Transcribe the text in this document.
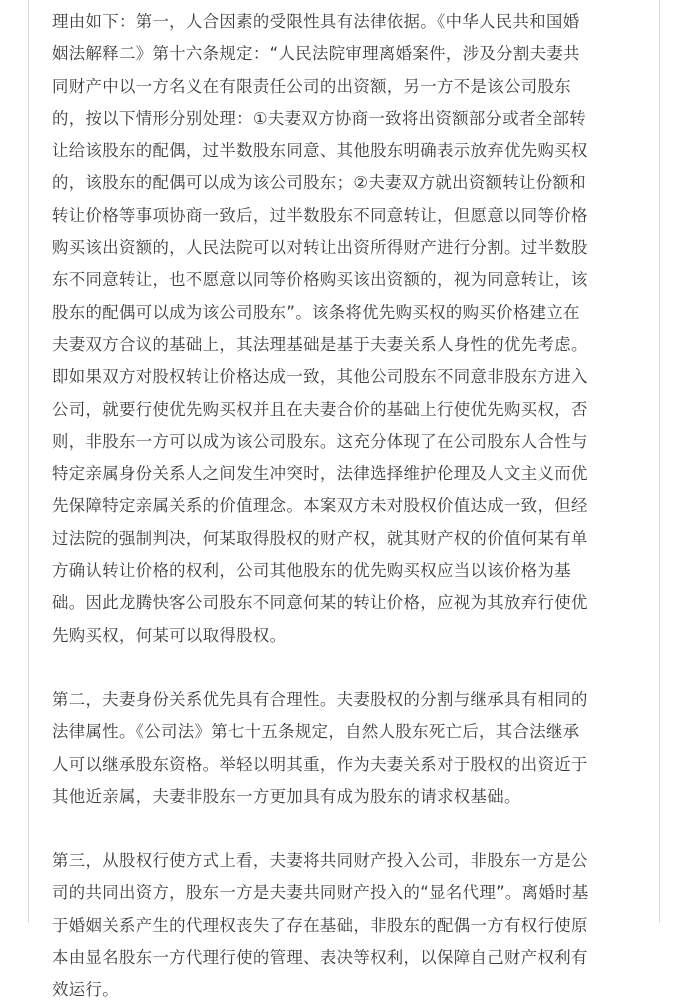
理由如下：第一，人合因素的受限性具有法律依据。《中华人民共和国婚
姻法解释二》第十六条规定：“人民法院审理离婚案件，涉及分割夫妻共
同财产中以一方名义在有限责任公司的出资额，另一方不是该公司股东
的，按以下情形分别处理：①夫妻双方协商一致将出资额部分或者全部转
让给该股东的配偶，过半数股东同意、其他股东明确表示放弃优先购买权
的，该股东的配偶可以成为该公司股东；②夫妻双方就出资额转让份额和
转让价格等事项协商一致后，过半数股东不同意转让，但愿意以同等价格
购买该出资额的，人民法院可以对转让出资所得财产进行分割。过半数股
东不同意转让，也不愿意以同等价格购买该出资额的，视为同意转让，该
股东的配偶可以成为该公司股东”。该条将优先购买权的购买价格建立在
夫妻双方合议的基础上，其法理基础是基于夫妻关系人身性的优先考虑。
即如果双方对股权转让价格达成一致，其他公司股东不同意非股东方进入
公司，就要行使优先购买权并且在夫妻合价的基础上行使优先购买权，否
则，非股东一方可以成为该公司股东。这充分体现了在公司股东人合性与
特定亲属身份关系人之间发生冲突时，法律选择维护伦理及人文主义而优
先保障特定亲属关系的价值理念。本案双方未对股权价值达成一致，但经
过法院的强制判决，何某取得股权的财产权，就其财产权的价值何某有单
方确认转让价格的权利，公司其他股东的优先购买权应当以该价格为基
础。因此龙腾快客公司股东不同意何某的转让价格，应视为其放弃行使优
先购买权，何某可以取得股权。

第二，夫妻身份关系优先具有合理性。夫妻股权的分割与继承具有相同的
法律属性。《公司法》第七十五条规定，自然人股东死亡后，其合法继承
人可以继承股东资格。举轻以明其重，作为夫妻关系对于股权的出资近于
其他近亲属，夫妻非股东一方更加具有成为股东的请求权基础。

第三，从股权行使方式上看，夫妻将共同财产投入公司，非股东一方是公
司的共同出资方，股东一方是夫妻共同财产投入的“显名代理”。离婚时基
于婚姻关系产生的代理权丧失了存在基础，非股东的配偶一方有权行使原
本由显名股东一方代理行使的管理、表决等权利，以保障自己财产权利有
效运行。
